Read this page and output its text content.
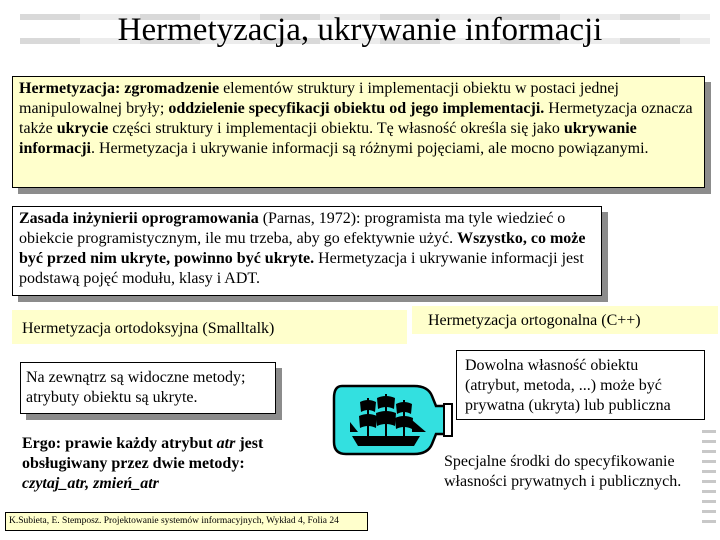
Hermetyzacja, ukrywanie informacji

Hermetyzacja: zgromadzenie elementów struktury i implementacji obiektu w postaci jednej manipulowalnej bryły; oddzielenie specyfikacji obiektu od jego implementacji. Hermetyzacja oznacza także ukrycie części struktury i implementacji obiektu. Tę własność określa się jako ukrywanie informacji. Hermetyzacja i ukrywanie informacji są różnymi pojęciami, ale mocno powiązanymi.

Zasada inżynierii oprogramowania (Parnas, 1972): programista ma tyle wiedzieć o obiekcie programistycznym, ile mu trzeba, aby go efektywnie użyć. Wszystko, co może być przed nim ukryte, powinno być ukryte. Hermetyzacja i ukrywanie informacji jest podstawą pojęć modułu, klasy i ADT.

Hermetyzacja ortodoksyjna (Smalltalk)	Hermetyzacja ortogonalna (C++)

Na zewnątrz są widoczne metody; atrybuty obiektu są ukryte.

Dowolna własność obiektu (atrybut, metoda, ...) może być prywatna (ukryta) lub publiczna

Ergo: prawie każdy atrybut atr jest obsługiwany przez dwie metody: czytaj_atr, zmień_atr
Specjalne środki do specyfikowanie własności prywatnych i publicznych.
K.Subieta, E. Stemposz. Projektowanie systemów informacyjnych, Wykład 4, Folia 24
